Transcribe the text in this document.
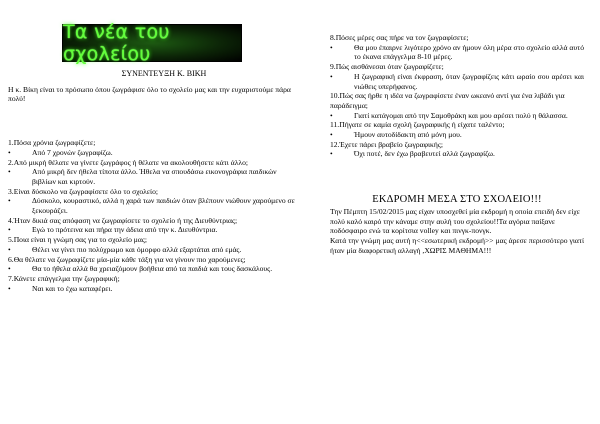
Τα νέα του σχολείου
ΣΥΝΕΝΤΕΥΞΗ Κ. ΒΙΚΗ
Η κ. Βίκη είναι το πρόσωπο όπου ζωγράφισε όλο το σχολείο μας και την ευχαριστούμε πάρα πολύ!
1.Πόσα χρόνια ζωγραφίζετε;
•	Από 7 χρονών ζωγραφίζω.
2.Από μικρή θέλατε να γίνετε ζωγράφος ή θέλατε να ακολουθήσετε κάτι άλλο;
•	Από μικρή δεν ήθελα τίποτα άλλο. Ήθελα να σπουδάσω εικονογράφια παιδικών βιβλίων και κιρτούν.
3.Είναι δύσκολο να ζωγραφίσετε όλο το σχολείο;
•	Δύσκολο, κουραστικό, αλλά η χαρά των παιδιών όταν βλέπουν νιώθουν χαρούμενο σε ξεκουράζει.
4.Ήταν δικιά σας απόφαση να ζωγραφίσετε το σχολείο ή της Διευθύντριας;
•	Εγώ το πρότεινα και πήρα την άδεια από την κ. Διευθύντρια.
5.Ποια είναι η γνώμη σας για το σχολείο μας;
•	Θέλει να γίνει πιο πολύχρωμο και όμορφο αλλά εξαρτάται από εμάς.
6.Θα θέλατε να ζωγραφίζετε μία-μία κάθε τάξη για να γίνουν πιο χαρούμενες;
•	Θα το ήθελα αλλά θα χρειαζόμουν βοήθεια από τα παιδιά και τους δασκάλους.
7.Κάνετε επάγγελμα την ζωγραφική;
•	Ναι και το έχω καταφέρει.
8.Πόσες μέρες σας πήρε να τον ζωγραφίσετε;
•	Θα μου έπαιρνε λιγότερο χρόνο αν ήμουν όλη μέρα στο σχολείο αλλά αυτό το έκανα επάγγελμα 8-10 μέρες.
9.Πώς αισθάνεσαι όταν ζωγραφίζετε;
•	Η ζωγραφική είναι έκφραση, όταν ζωγραφίζεις κάτι ωραίο σου αρέσει και νιώθεις υπερήφανος.
10.Πώς σας ήρθε η ιδέα να ζωγραφίσετε έναν ωκεανό αντί για ένα λιβάδι για παράδειγμα;
•	Γιατί κατάγομαι από την Σαμοθράκη και μου αρέσει πολύ η θάλασσα.
11.Πήγατε σε καμία σχολή ζωγραφικής ή είχατε ταλέντο;
•	Ήμουν αυτοδίδακτη από μόνη μου.
12.Έχετε πάρει βραβείο ζωγραφικής;
•	Όχι ποτέ, δεν έχω βραβευτεί αλλά ζωγραφίζω.
ΕΚΔΡΟΜΗ ΜΕΣΑ ΣΤΟ ΣΧΟΛΕΙΟ!!!

Την Πέμπτη 15/02/2015 μας είχαν υποσχεθεί μία εκδρομή η οποία επειδή δεν είχε πολύ καλό καιρό την κάναμε στην αυλή του σχολείου!!Τα αγόρια παίξανε ποδόσφαιρο ενώ τα κορίτσια volley και πινγκ-πονγκ.

Κατά την γνώμη μας αυτή η<<εσωτερική εκδρομή>> μας άρεσε περισσότερο γιατί ήταν μία διαφορετική αλλαγή ,ΧΩΡΙΣ ΜΑΘΗΜΑ!!!
